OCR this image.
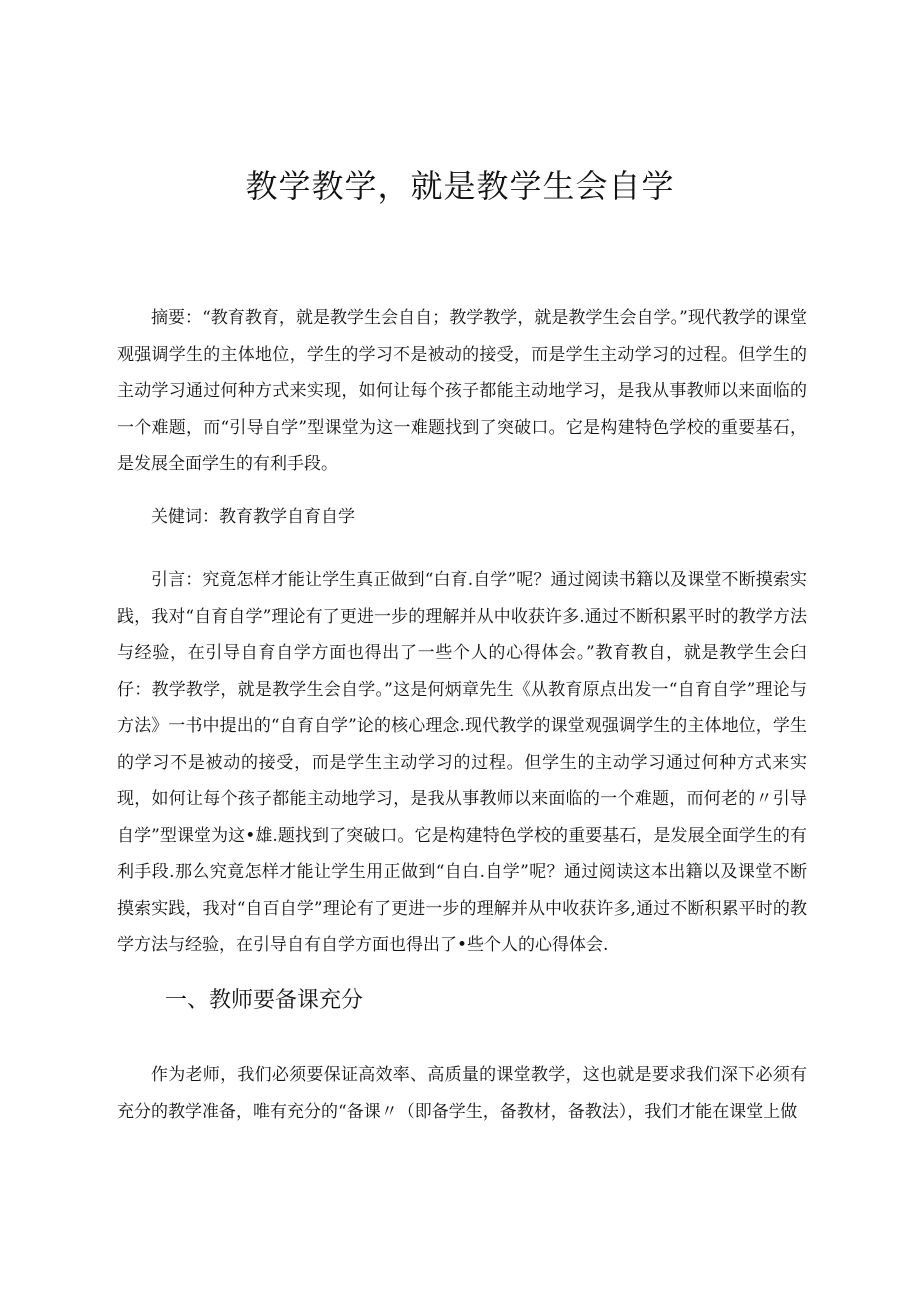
教学教学，就是教学生会自学

摘要：“教育教育，就是教学生会自自；教学教学，就是教学生会自学。”现代教学的课堂观强调学生的主体地位，学生的学习不是被动的接受，而是学生主动学习的过程。但学生的主动学习通过何种方式来实现，如何让每个孩子都能主动地学习，是我从事教师以来面临的一个难题，而“引导自学”型课堂为这一难题找到了突破口。它是构建特色学校的重要基石，是发展全面学生的有利手段。

关健词：教育教学自育自学

引言：究竟怎样才能让学生真正做到“白育.自学”呢？通过阅读书籍以及课堂不断摸索实践，我对“自育自学”理论有了更进一步的理解并从中收获许多.通过不断积累平时的教学方法与经验，在引导自育自学方面也得出了一些个人的心得体会。”教育教自，就是教学生会臼仔：教学教学，就是教学生会自学。”这是何炳章先生《从教育原点出发一“自育自学”理论与方法》一书中提出的“自育自学”论的核心理念.现代教学的课堂观强调学生的主体地位，学生的学习不是被动的接受，而是学生主动学习的过程。但学生的主动学习通过何种方式来实现，如何让每个孩子都能主动地学习，是我从事教师以来面临的一个难题，而何老的〃引导自学”型课堂为这•雄.题找到了突破口。它是构建特色学校的重要基石，是发展全面学生的有利手段.那么究竟怎样才能让学生用正做到“自白.自学”呢？通过阅读这本出籍以及课堂不断摸索实践，我对“自百自学”理论有了更进一步的理解并从中收获许多,通过不断积累平时的教学方法与经验，在引导自有自学方面也得出了•些个人的心得体会.

一、教师要备课充分

作为老师，我们必须要保证高效率、高质量的课堂教学，这也就是要求我们深下必须有充分的教学准备，唯有充分的“备课〃（即备学生，备教材，备教法），我们才能在课堂上做
